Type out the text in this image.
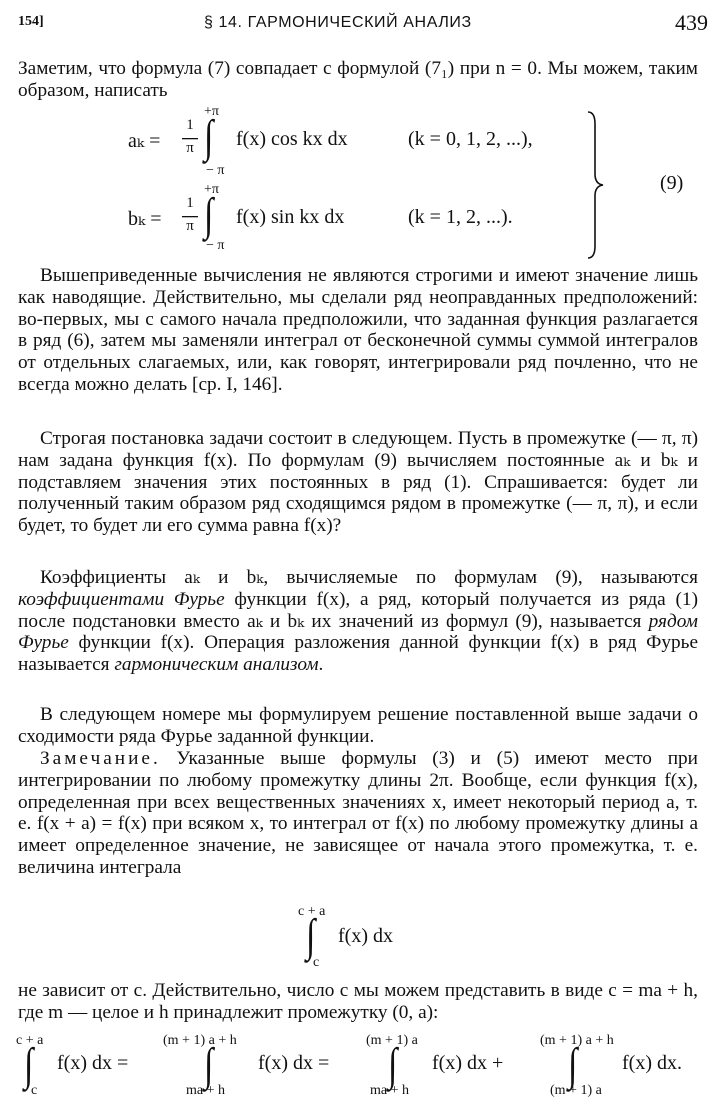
154]	§ 14. ГАРМОНИЧЕСКИЙ АНАЛИЗ	439

Заметим, что формула (7) совпадает с формулой (7₁) при n = 0. Мы можем, таким образом, написать

aₖ =
1
π
+π
∫
− π
f(x) cos kx dx	(k = 0, 1, 2, ...),
bₖ =
1
π
+π
∫
− π
f(x) sin kx dx	(k = 1, 2, ...).
(9)

Вышеприведенные вычисления не являются строгими и имеют значение лишь как наводящие. Действительно, мы сделали ряд неоправданных предположений: во-первых, мы с самого начала предположили, что заданная функция разлагается в ряд (6), затем мы заменяли интеграл от бесконечной суммы суммой интегралов от отдельных слагаемых, или, как говорят, интегрировали ряд почленно, что не всегда можно делать [ср. I, 146].

Строгая постановка задачи состоит в следующем. Пусть в промежутке (— π, π) нам задана функция f(x). По формулам (9) вычисляем постоянные aₖ и bₖ и подставляем значения этих постоянных в ряд (1). Спрашивается: будет ли полученный таким образом ряд сходящимся рядом в промежутке (— π, π), и если будет, то будет ли его сумма равна f(x)?

Коэффициенты aₖ и bₖ, вычисляемые по формулам (9), называются коэффициентами Фурье функции f(x), а ряд, который получается из ряда (1) после подстановки вместо aₖ и bₖ их значений из формул (9), называется рядом Фурье функции f(x). Операция разложения данной функции f(x) в ряд Фурье называется гармоническим анализом.

В следующем номере мы формулируем решение поставленной выше задачи о сходимости ряда Фурье заданной функции.

Замечание. Указанные выше формулы (3) и (5) имеют место при интегрировании по любому промежутку длины 2π. Вообще, если функция f(x), определенная при всех вещественных значениях x, имеет некоторый период a, т. е. f(x + a) = f(x) при всяком x, то интеграл от f(x) по любому промежутку длины a имеет определенное значение, не зависящее от начала этого промежутка, т. е. величина интеграла

c + a
∫
c
f(x) dx

не зависит от c. Действительно, число c мы можем представить в виде c = ma + h, где m — целое и h принадлежит промежутку (0, a):

c + a
∫
c
f(x) dx =
(m + 1) a + h
∫
ma + h
f(x) dx =
(m + 1) a
∫
ma + h
f(x) dx +
(m + 1) a + h
∫
(m + 1) a
f(x) dx.
